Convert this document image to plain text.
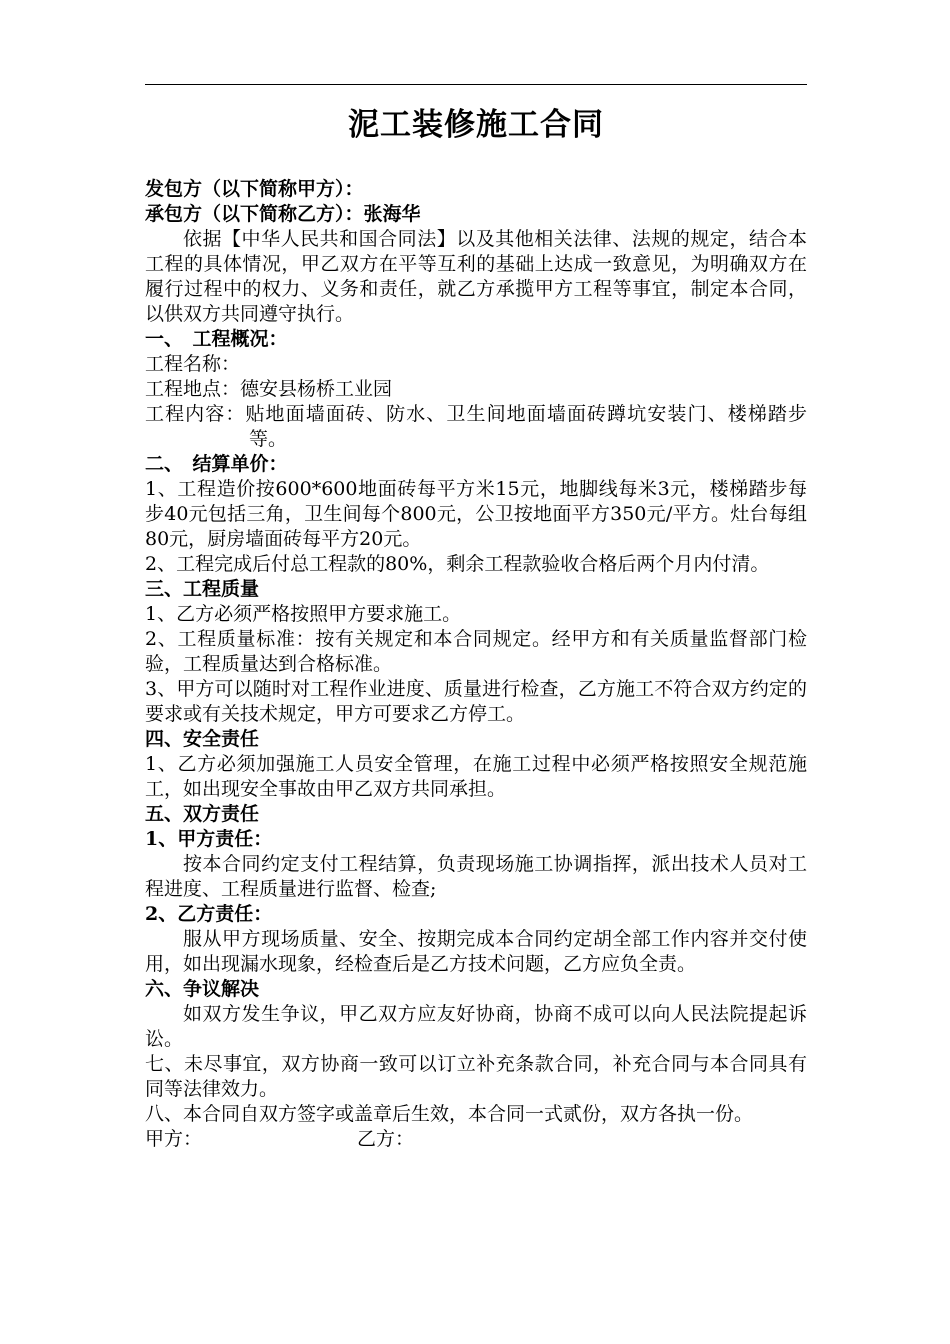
泥工装修施工合同

发包方（以下简称甲方）：

承包方（以下简称乙方）：张海华

依据【中华人民共和国合同法】以及其他相关法律、法规的规定，结合本工程的具体情况，甲乙双方在平等互利的基础上达成一致意见，为明确双方在履行过程中的权力、义务和责任，就乙方承揽甲方工程等事宜，制定本合同，以供双方共同遵守执行。

一、　工程概况：

工程名称：

工程地点：德安县杨桥工业园

工程内容：贴地面墙面砖、防水、卫生间地面墙面砖蹲坑安装门、楼梯踏步等。

二、　结算单价：

1、工程造价按600*600地面砖每平方米15元，地脚线每米3元，楼梯踏步每步40元包括三角，卫生间每个800元，公卫按地面平方350元/平方。灶台每组80元，厨房墙面砖每平方20元。

2、工程完成后付总工程款的80%，剩余工程款验收合格后两个月内付清。

三、工程质量

1、乙方必须严格按照甲方要求施工。

2、工程质量标准：按有关规定和本合同规定。经甲方和有关质量监督部门检验，工程质量达到合格标准。

3、甲方可以随时对工程作业进度、质量进行检查，乙方施工不符合双方约定的要求或有关技术规定，甲方可要求乙方停工。

四、安全责任

1、乙方必须加强施工人员安全管理，在施工过程中必须严格按照安全规范施工，如出现安全事故由甲乙双方共同承担。

五、双方责任

1、甲方责任：

按本合同约定支付工程结算，负责现场施工协调指挥，派出技术人员对工程进度、工程质量进行监督、检查;

2、乙方责任：

服从甲方现场质量、安全、按期完成本合同约定胡全部工作内容并交付使用，如出现漏水现象，经检查后是乙方技术问题，乙方应负全责。

六、争议解决

如双方发生争议，甲乙双方应友好协商，协商不成可以向人民法院提起诉讼。

七、未尽事宜，双方协商一致可以订立补充条款合同，补充合同与本合同具有同等法律效力。

八、本合同自双方签字或盖章后生效，本合同一式贰份，双方各执一份。

甲方：	乙方：
